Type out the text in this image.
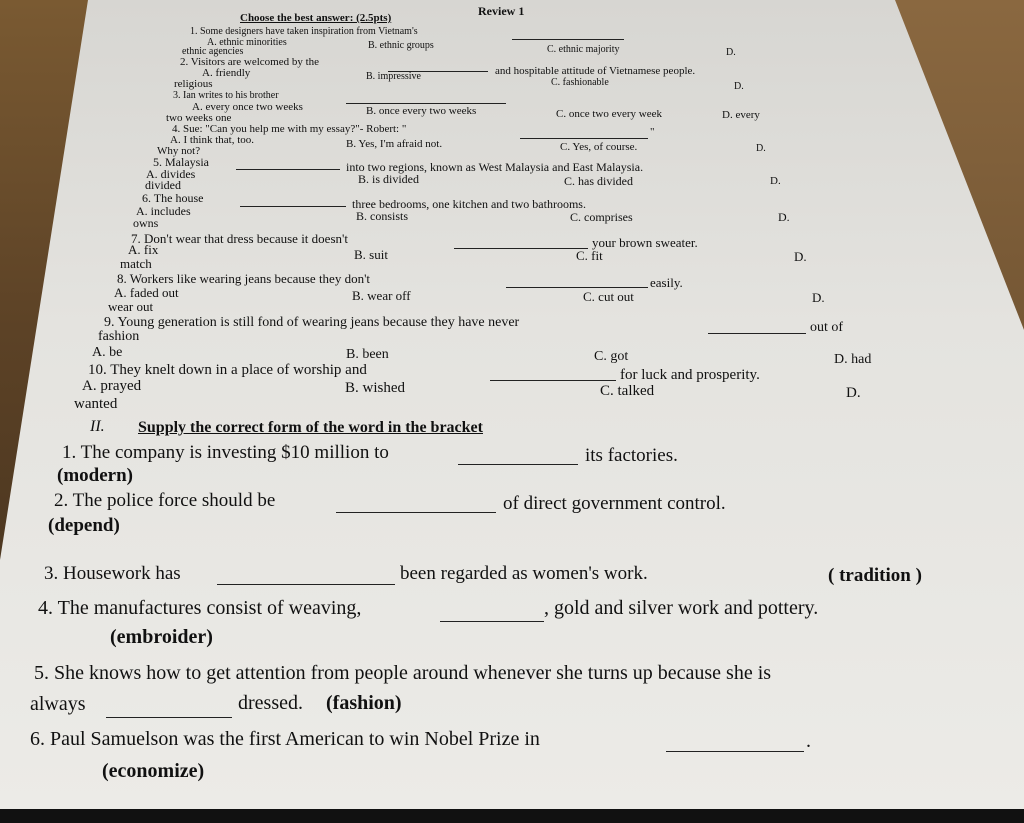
Review 1
Choose the best answer: (2.5pts)
1. Some designers have taken inspiration from Vietnam's
A. ethnic minorities	B. ethnic groups	C. ethnic majority	D.
ethnic agencies
2. Visitors are welcomed by the
and hospitable attitude of Vietnamese people.
A. friendly	B. impressive
C. fashionable	D.
religious
3. Ian writes to his brother
A. every once two weeks	B. once every two weeks	C. once two every week	D. every
two weeks one
4. Sue: "Can you help me with my essay?"- Robert: "	"
A. I think that, too.	B. Yes, I'm afraid not.	C. Yes, of course.	D.
Why not?
5. Malaysia	into two regions, known as West Malaysia and East Malaysia.
A. divides	B. is divided	C. has divided	D.
divided
6. The house	three bedrooms, one kitchen and two bathrooms.
A. includes	B. consists	C. comprises	D.
owns
7. Don't wear that dress because it doesn't	your brown sweater.
A. fix	B. suit	C. fit	D.
match
8. Workers like wearing jeans because they don't	easily.
A. faded out	B. wear off	C. cut out	D.
wear out
9. Young generation is still fond of wearing jeans because they have never	out of
fashion
A. be	B. been	C. got	D. had
10. They knelt down in a place of worship and	for luck and prosperity.
A. prayed	B. wished	C. talked	D.
wanted
II. Supply the correct form of the word in the bracket
1. The company is investing $10 million to	its factories.
(modern)
2. The police force should be	of direct government control.
(depend)
3. Housework has	been regarded as women's work.	( tradition )
4. The manufactures consist of weaving,	, gold and silver work and pottery.
(embroider)
5. She knows how to get attention from people around whenever she turns up because she is
always	dressed. (fashion)
6. Paul Samuelson was the first American to win Nobel Prize in	.
(economize)
